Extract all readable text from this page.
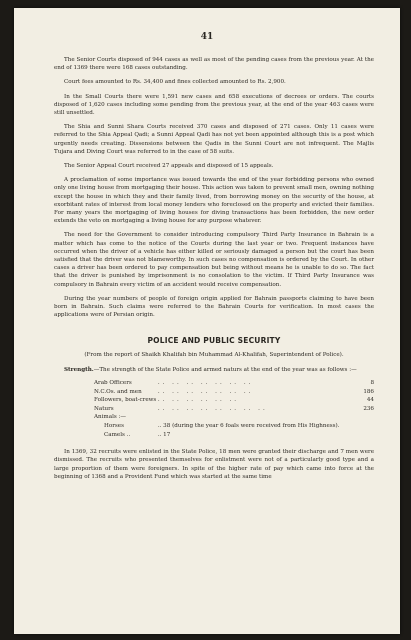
41

The Senior Courts disposed of 944 cases as well as most of the pending cases from the previous year. At the end of 1369 there were 168 cases outstanding.

Court fees amounted to Rs. 34,400 and fines collected amounted to Rs. 2,900.

In the Small Courts there were 1,591 new cases and 658 executions of decrees or orders. The courts disposed of 1,620 cases including some pending from the previous year, at the end of the year 463 cases were still unsettled.

The Shia and Sunni Shara Courts received 370 cases and disposed of 271 cases. Only 11 cases were referred to the Shia Appeal Qadi; a Sunni Appeal Qadi has not yet been appointed although this is a post which urgently needs creating. Dissensions between the Qadis in the Sunni Court are not infrequent. The Majlis Tujara and Diving Court was referred to in the case of 58 suits.

The Senior Appeal Court received 27 appeals and disposed of 15 appeals.

A proclamation of some importance was issued towards the end of the year forbidding persons who owned only one living house from mortgaging their house. This action was taken to prevent small men, owning nothing except the house in which they and their family lived, from borrowing money on the security of the house, at exorbitant rates of interest from local money lenders who foreclosed on the property and evicted their families. For many years the mortgaging of living houses for diving transactions has been forbidden, the new order extends the veto on mortgaging a living house for any purpose whatever.

The need for the Government to consider introducing compulsory Third Party Insurance in Bahrain is a matter which has come to the notice of the Courts during the last year or two. Frequent instances have occurred when the driver of a vehicle has either killed or seriously damaged a person but the court has been satisfied that the driver was not blameworthy. In such cases no compensation is ordered by the Court. In other cases a driver has been ordered to pay compensation but being without means he is unable to do so. The fact that the driver is punished by imprisonment is no consolation to the victim. If Third Party Insurance was compulsory in Bahrain every victim of an accident would receive compensation.

During the year numbers of people of foreign origin applied for Bahrain passports claiming to have been born in Bahrain. Such claims were referred to the Bahrain Courts for verification. In most cases the applications were of Persian origin.

POLICE AND PUBLIC SECURITY
(From the report of Shaikh Khalifah bin Muhammad Al-Khalifah, Superintendent of Police).

Strength.—The strength of the State Police and armed naturs at the end of the year was as follows :—

Arab Officers	.. .. .. .. .. .. ..	8
N.C.Os. and men	.. .. .. .. .. .. ..	186
Followers, boat-crews	.. .. .. .. .. ..	44
Naturs	.. .. .. .. .. .. .. ..	236
Animals :—		
Horses	.. 38 (during the year 6 foals were received from His Highness).	
Camels ..	.. 17	

In 1369, 32 recruits were enlisted in the State Police, 18 men were granted their discharge and 7 men were dismissed. The recruits who presented themselves for enlistment were not of a particularly good type and a large proportion of them were foreigners. In spite of the higher rate of pay which came into force at the beginning of 1368 and a Provident Fund which was started at the same time
